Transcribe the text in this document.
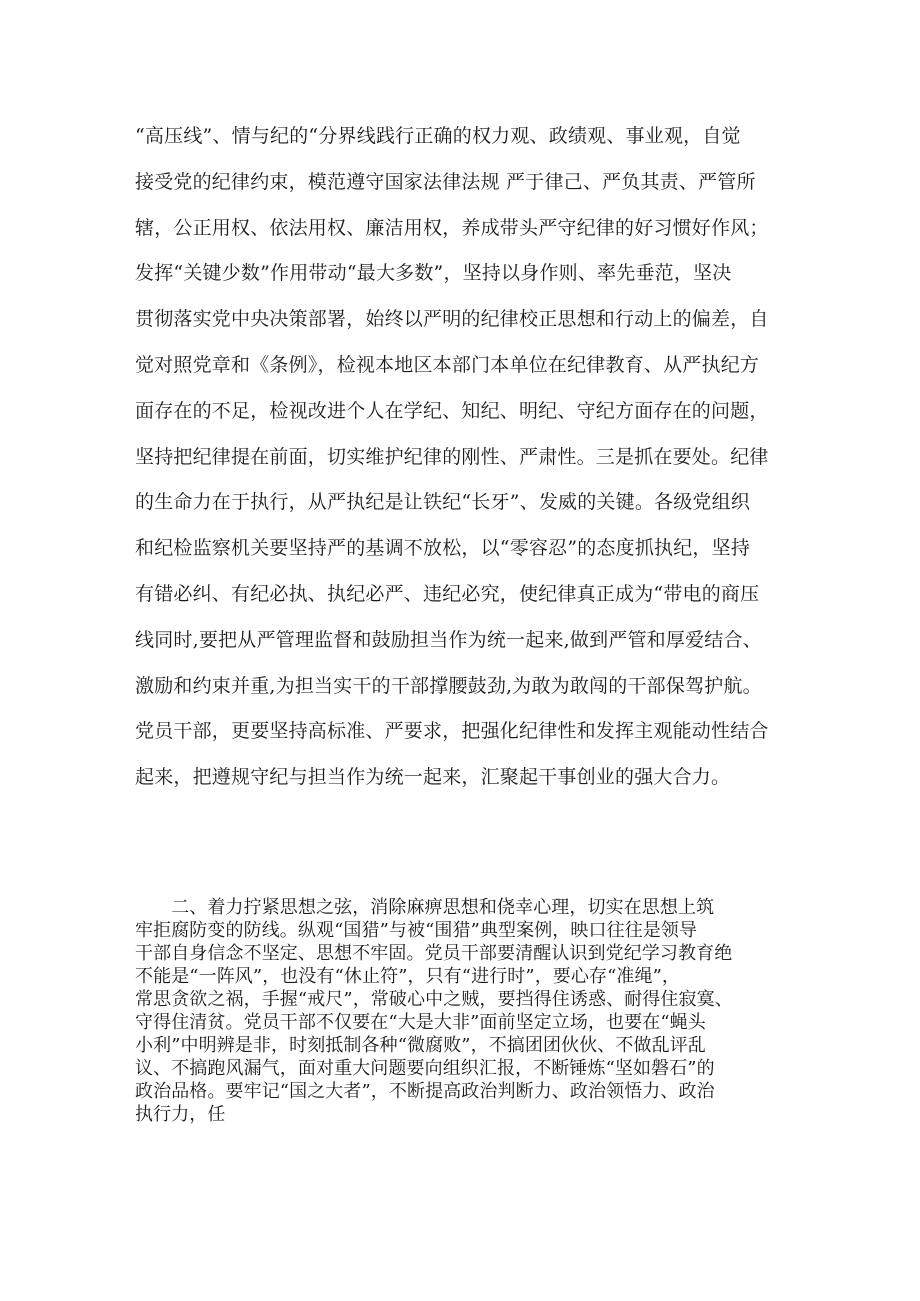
“高压线”、情与纪的“分界线践行正确的权力观、政绩观、事业观，自觉
接受党的纪律约束，模范遵守国家法律法规 严于律己、严负其责、严管所
辖，公正用权、依法用权、廉洁用权，养成带头严守纪律的好习惯好作风；
发挥“关键少数”作用带动“最大多数”，坚持以身作则、率先垂范，坚决
贯彻落实党中央决策部署，始终以严明的纪律校正思想和行动上的偏差，自
觉对照党章和《条例》，检视本地区本部门本单位在纪律教育、从严执纪方
面存在的不足，检视改进个人在学纪、知纪、明纪、守纪方面存在的问题，
坚持把纪律提在前面，切实维护纪律的刚性、严肃性。三是抓在要处。纪律
的生命力在于执行，从严执纪是让铁纪“长牙”、发威的关键。各级党组织
和纪检监察机关要坚持严的基调不放松，以“零容忍”的态度抓执纪，坚持
有错必纠、有纪必执、执纪必严、违纪必究，使纪律真正成为“带电的商压
线同时,要把从严管理监督和鼓励担当作为统一起来,做到严管和厚爱结合、
激励和约束并重,为担当实干的干部撑腰鼓劲,为敢为敢闯的干部保驾护航。
党员干部，更要坚持高标准、严要求，把强化纪律性和发挥主观能动性结合
起来，把遵规守纪与担当作为统一起来，汇聚起干事创业的强大合力。
　　二、着力拧紧思想之弦，消除麻痹思想和侥幸心理，切实在思想上筑
牢拒腐防变的防线。纵观“国猎”与被“围猎”典型案例，映口往往是领导
干部自身信念不坚定、思想不牢固。党员干部要清醒认识到党纪学习教育绝
不能是“一阵风”，也没有“休止符”，只有“进行时”，要心存“准绳”，
常思贪欲之祸，手握“戒尺”，常破心中之贼，要挡得住诱惑、耐得住寂寞、
守得住清贫。党员干部不仅要在“大是大非”面前坚定立场，也要在“蝇头
小利”中明辨是非，时刻抵制各种“微腐败”，不搞团团伙伙、不做乱评乱
议、不搞跑风漏气，面对重大问题要向组织汇报，不断锤炼“坚如磐石”的
政治品格。要牢记“国之大者”，不断提高政治判断力、政治领悟力、政治
执行力，任
